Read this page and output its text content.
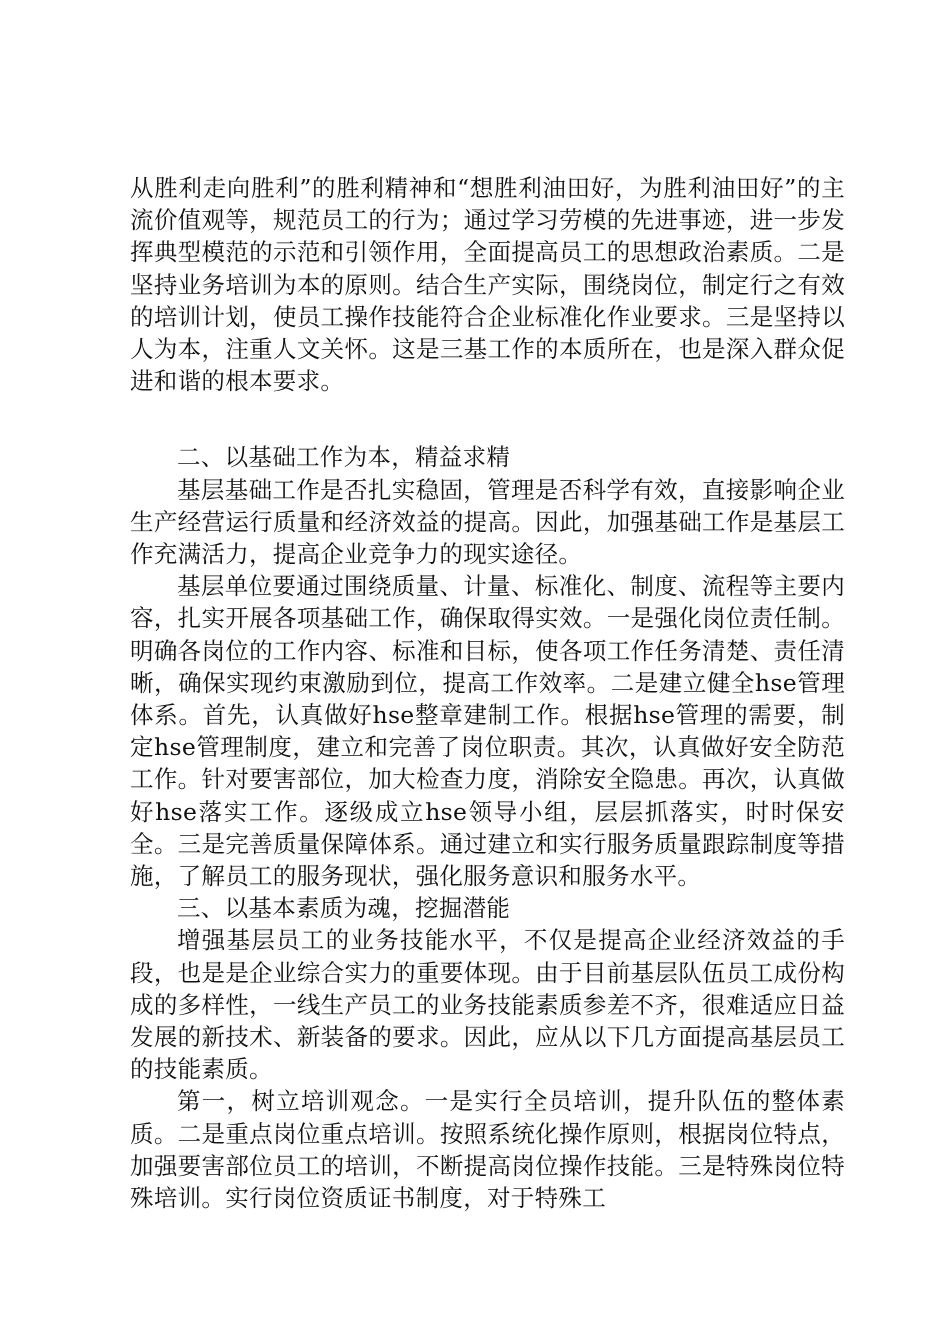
从胜利走向胜利”的胜利精神和“想胜利油田好，为胜利油田好”的主流价值观等，规范员工的行为；通过学习劳模的先进事迹，进一步发挥典型模范的示范和引领作用，全面提高员工的思想政治素质。二是坚持业务培训为本的原则。结合生产实际，围绕岗位，制定行之有效的培训计划，使员工操作技能符合企业标准化作业要求。三是坚持以人为本，注重人文关怀。这是三基工作的本质所在，也是深入群众促进和谐的根本要求。

二、以基础工作为本，精益求精

基层基础工作是否扎实稳固，管理是否科学有效，直接影响企业生产经营运行质量和经济效益的提高。因此，加强基础工作是基层工作充满活力，提高企业竞争力的现实途径。

基层单位要通过围绕质量、计量、标准化、制度、流程等主要内容，扎实开展各项基础工作，确保取得实效。一是强化岗位责任制。明确各岗位的工作内容、标准和目标，使各项工作任务清楚、责任清晰，确保实现约束激励到位，提高工作效率。二是建立健全hse管理体系。首先，认真做好hse整章建制工作。根据hse管理的需要，制定hse管理制度，建立和完善了岗位职责。其次，认真做好安全防范工作。针对要害部位，加大检查力度，消除安全隐患。再次，认真做好hse落实工作。逐级成立hse领导小组，层层抓落实，时时保安全。三是完善质量保障体系。通过建立和实行服务质量跟踪制度等措施，了解员工的服务现状，强化服务意识和服务水平。

三、以基本素质为魂，挖掘潜能

增强基层员工的业务技能水平，不仅是提高企业经济效益的手段，也是是企业综合实力的重要体现。由于目前基层队伍员工成份构成的多样性，一线生产员工的业务技能素质参差不齐，很难适应日益发展的新技术、新装备的要求。因此，应从以下几方面提高基层员工的技能素质。

第一，树立培训观念。一是实行全员培训，提升队伍的整体素质。二是重点岗位重点培训。按照系统化操作原则，根据岗位特点，加强要害部位员工的培训，不断提高岗位操作技能。三是特殊岗位特殊培训。实行岗位资质证书制度，对于特殊工
